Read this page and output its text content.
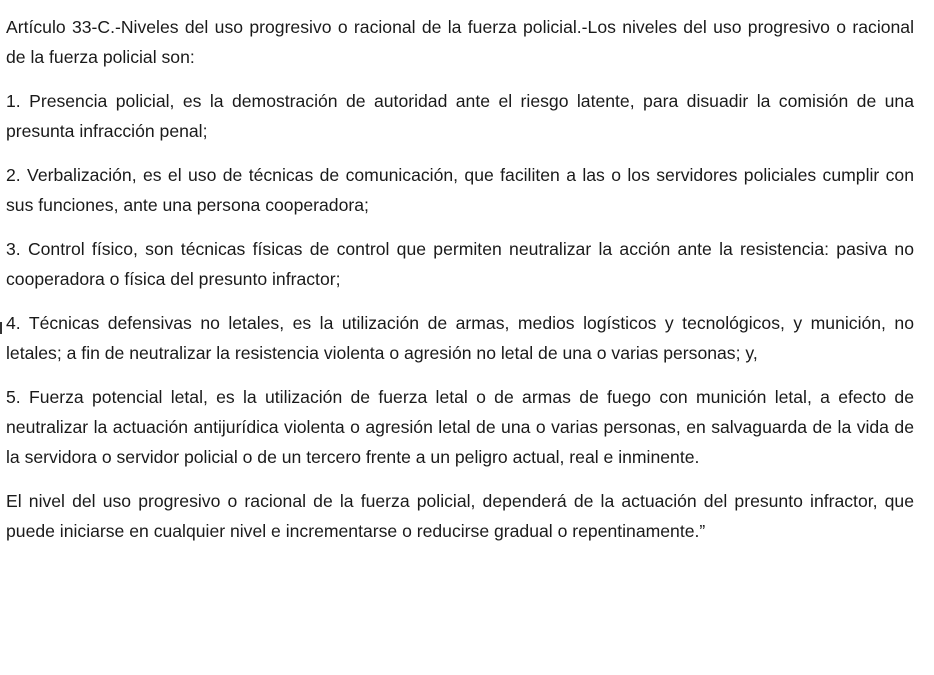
Artículo 33-C.-Niveles del uso progresivo o racional de la fuerza policial.-Los niveles del uso progresivo o racional de la fuerza policial son:

1. Presencia policial, es la demostración de autoridad ante el riesgo latente, para disuadir la comisión de una presunta infracción penal;

2. Verbalización, es el uso de técnicas de comunicación, que faciliten a las o los servidores policiales cumplir con sus funciones, ante una persona cooperadora;

3. Control físico, son técnicas físicas de control que permiten neutralizar la acción ante la resistencia: pasiva no cooperadora o física del presunto infractor;

4. Técnicas defensivas no letales, es la utilización de armas, medios logísticos y tecnológicos, y munición, no letales; a fin de neutralizar la resistencia violenta o agresión no letal de una o varias personas; y,

5. Fuerza potencial letal, es la utilización de fuerza letal o de armas de fuego con munición letal, a efecto de neutralizar la actuación antijurídica violenta o agresión letal de una o varias personas, en salvaguarda de la vida de la servidora o servidor policial o de un tercero frente a un peligro actual, real e inminente.

El nivel del uso progresivo o racional de la fuerza policial, dependerá de la actuación del presunto infractor, que puede iniciarse en cualquier nivel e incrementarse o reducirse gradual o repentinamente.”
